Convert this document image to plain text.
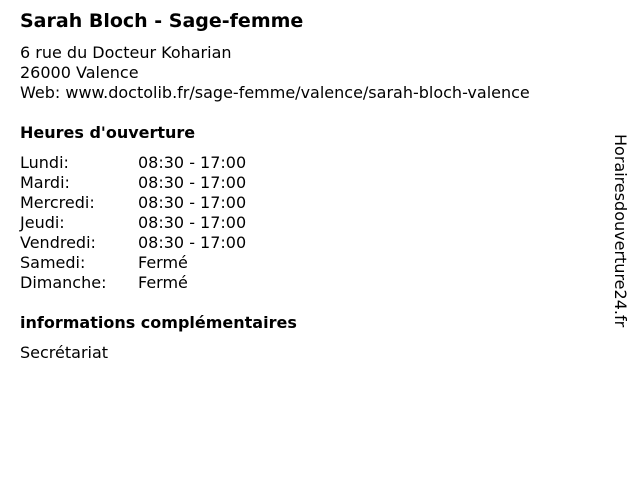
Sarah Bloch - Sage-femme
6 rue du Docteur Koharian
26000 Valence
Web: www.doctolib.fr/sage-femme/valence/sarah-bloch-valence
Heures d'ouverture
Lundi:	08:30 - 17:00
Mardi:	08:30 - 17:00
Mercredi:	08:30 - 17:00
Jeudi:	08:30 - 17:00
Vendredi:	08:30 - 17:00
Samedi:	Fermé
Dimanche: Fermé
informations complémentaires
Secrétariat
Horairesdouverture24.fr
